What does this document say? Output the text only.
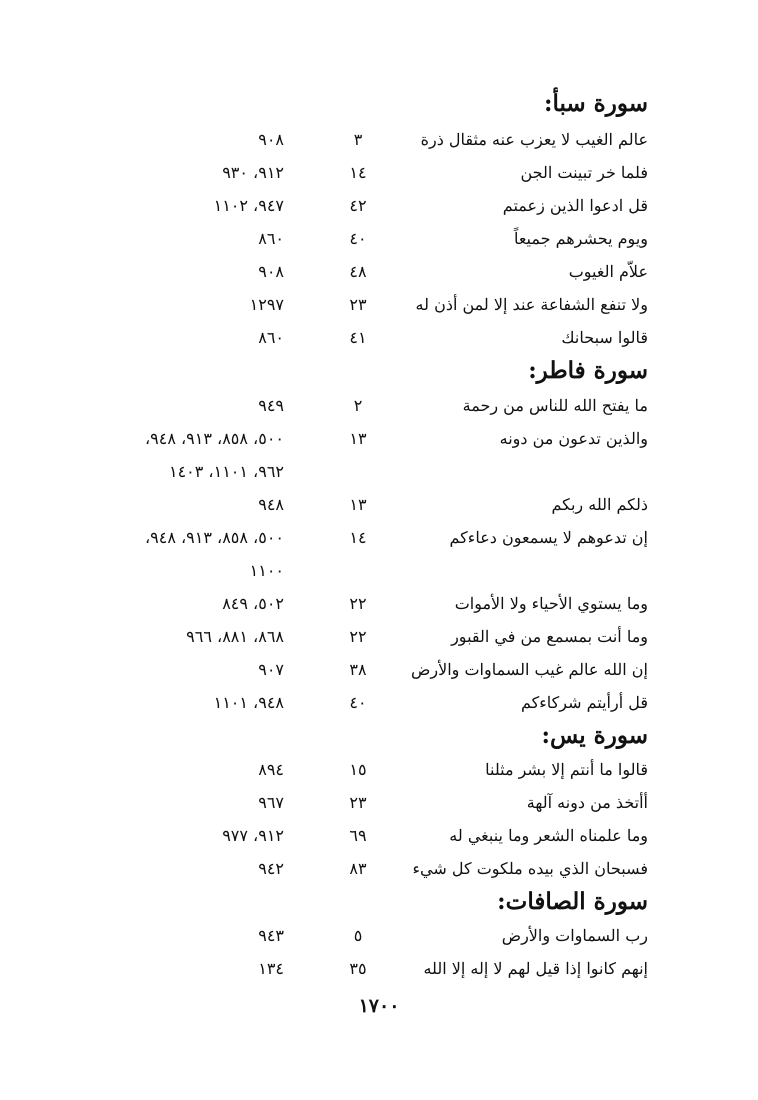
سورة سبأ:
عالم الغيب لا يعزب عنه مثقال ذرة
٣
٩٠٨
فلما خر تبينت الجن
١٤
٩١٢، ٩٣٠
قل ادعوا الذين زعمتم
٤٢
٩٤٧، ١١٠٢
ويوم يحشرهم جميعاً
٤٠
٨٦٠
علاّم الغيوب
٤٨
٩٠٨
ولا تنفع الشفاعة عند إلا لمن أذن له
٢٣
١٢٩٧
قالوا سبحانك
٤١
٨٦٠
سورة فاطر:
ما يفتح الله للناس من رحمة
٢
٩٤٩
والذين تدعون من دونه
١٣
٥٠٠، ٨٥٨، ٩١٣، ٩٤٨،
٩٦٢، ١١٠١، ١٤٠٣
ذلكم الله ربكم
١٣
٩٤٨
إن تدعوهم لا يسمعون دعاءكم
١٤
٥٠٠، ٨٥٨، ٩١٣، ٩٤٨،
١١٠٠
وما يستوي الأحياء ولا الأموات
٢٢
٥٠٢، ٨٤٩
وما أنت بمسمع من في القبور
٢٢
٨٦٨، ٨٨١، ٩٦٦
إن الله عالم غيب السماوات والأرض
٣٨
٩٠٧
قل أرأيتم شركاءكم
٤٠
٩٤٨، ١١٠١
سورة يس:
قالوا ما أنتم إلا بشر مثلنا
١٥
٨٩٤
أأتخذ من دونه آلهة
٢٣
٩٦٧
وما علمناه الشعر وما ينبغي له
٦٩
٩١٢، ٩٧٧
فسبحان الذي بيده ملكوت كل شيء
٨٣
٩٤٢
سورة الصافات:
رب السماوات والأرض
٥
٩٤٣
إنهم كانوا إذا قيل لهم لا إله إلا الله
٣٥
١٣٤
١٧٠٠
